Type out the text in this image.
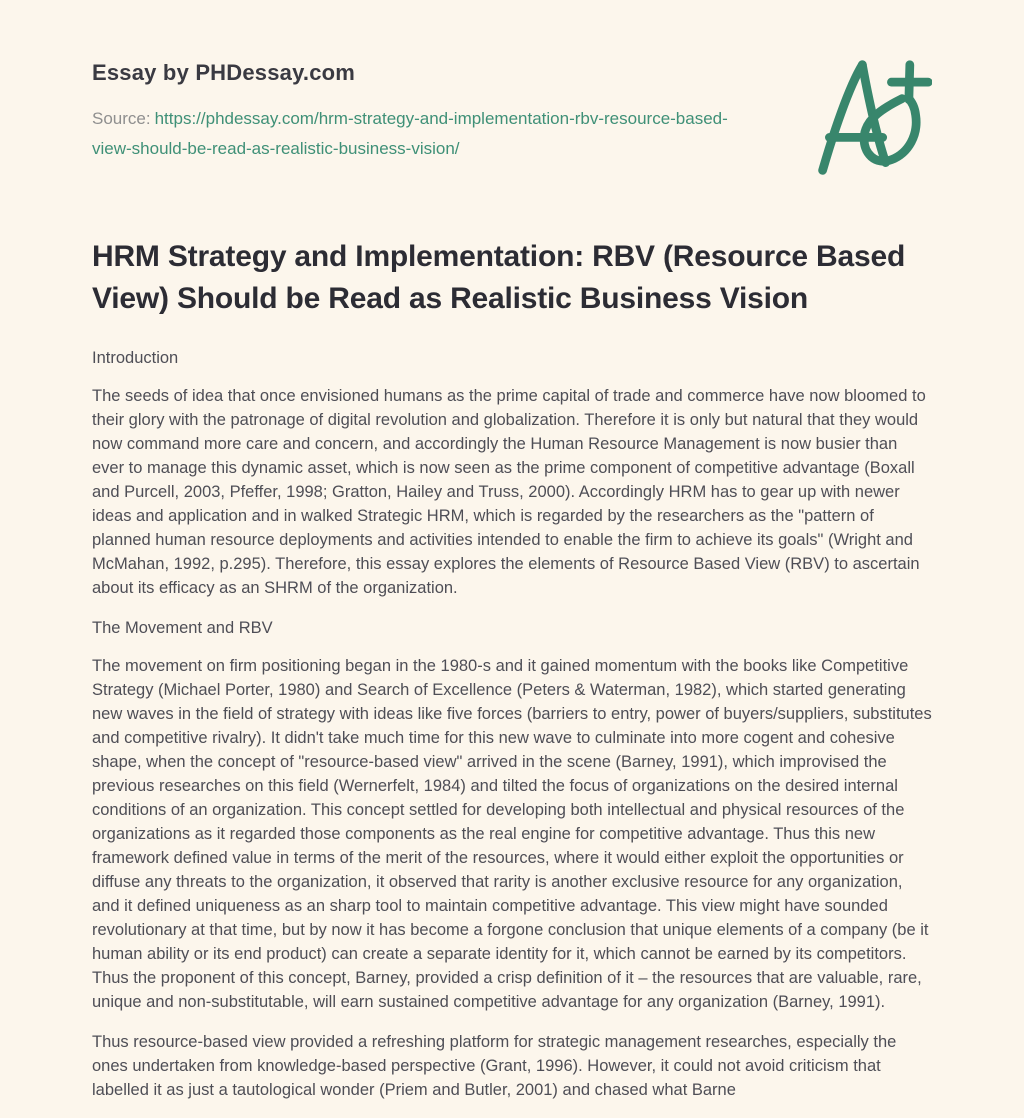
Essay by PHDessay.com

Source: https://phdessay.com/hrm-strategy-and-implementation-rbv-resource-based-view-should-be-read-as-realistic-business-vision/

HRM Strategy and Implementation: RBV (Resource Based View) Should be Read as Realistic Business Vision
Introduction

The seeds of idea that once envisioned humans as the prime capital of trade and commerce have now bloomed to their glory with the patronage of digital revolution and globalization. Therefore it is only but natural that they would now command more care and concern, and accordingly the Human Resource Management is now busier than ever to manage this dynamic asset, which is now seen as the prime component of competitive advantage (Boxall and Purcell, 2003, Pfeffer, 1998; Gratton, Hailey and Truss, 2000). Accordingly HRM has to gear up with newer ideas and application and in walked Strategic HRM, which is regarded by the researchers as the "pattern of planned human resource deployments and activities intended to enable the firm to achieve its goals" (Wright and McMahan, 1992, p.295). Therefore, this essay explores the elements of Resource Based View (RBV) to ascertain about its efficacy as an SHRM of the organization.

The Movement and RBV

The movement on firm positioning began in the 1980-s and it gained momentum with the books like Competitive Strategy (Michael Porter, 1980) and Search of Excellence (Peters & Waterman, 1982), which started generating new waves in the field of strategy with ideas like five forces (barriers to entry, power of buyers/suppliers, substitutes and competitive rivalry). It didn't take much time for this new wave to culminate into more cogent and cohesive shape, when the concept of "resource-based view" arrived in the scene (Barney, 1991), which improvised the previous researches on this field (Wernerfelt, 1984) and tilted the focus of organizations on the desired internal conditions of an organization. This concept settled for developing both intellectual and physical resources of the organizations as it regarded those components as the real engine for competitive advantage. Thus this new framework defined value in terms of the merit of the resources, where it would either exploit the opportunities or diffuse any threats to the organization, it observed that rarity is another exclusive resource for any organization, and it defined uniqueness as an sharp tool to maintain competitive advantage. This view might have sounded revolutionary at that time, but by now it has become a forgone conclusion that unique elements of a company (be it human ability or its end product) can create a separate identity for it, which cannot be earned by its competitors. Thus the proponent of this concept, Barney, provided a crisp definition of it – the resources that are valuable, rare, unique and non-substitutable, will earn sustained competitive advantage for any organization (Barney, 1991).

Thus resource-based view provided a refreshing platform for strategic management researches, especially the ones undertaken from knowledge-based perspective (Grant, 1996). However, it could not avoid criticism that labelled it as just a tautological wonder (Priem and Butler, 2001) and chased what Barne
